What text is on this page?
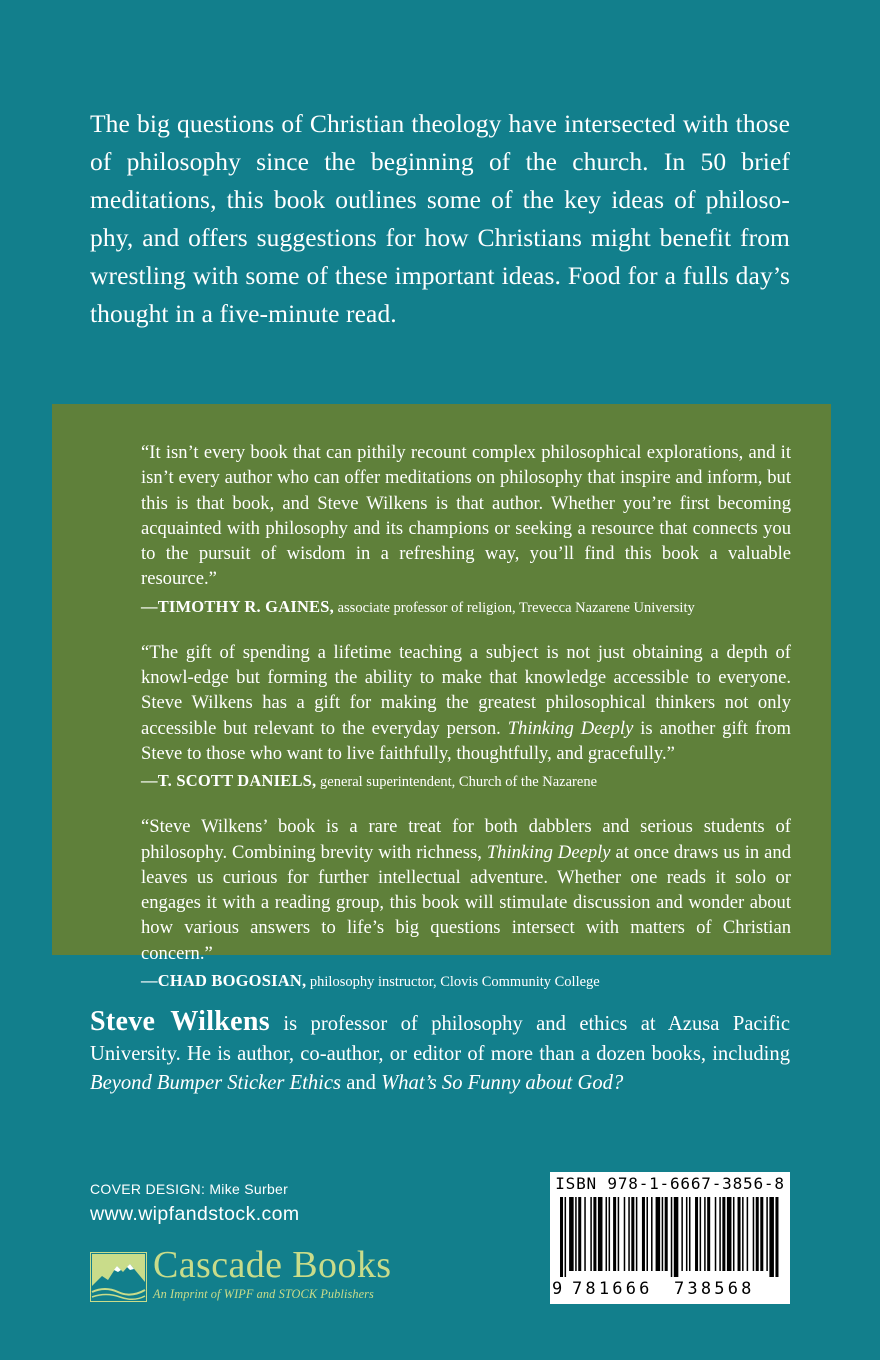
The big questions of Christian theology have intersected with those of philosophy since the beginning of the church. In 50 brief meditations, this book outlines some of the key ideas of philoso-phy, and offers suggestions for how Christians might benefit from wrestling with some of these important ideas. Food for a fulls day’s thought in a five-minute read.

“It isn’t every book that can pithily recount complex philosophical explorations, and it isn’t every author who can offer meditations on philosophy that inspire and inform, but this is that book, and Steve Wilkens is that author. Whether you’re first becoming acquainted with philosophy and its champions or seeking a resource that connects you to the pursuit of wisdom in a refreshing way, you’ll find this book a valuable resource.”
—TIMOTHY R. GAINES, associate professor of religion, Trevecca Nazarene University
“The gift of spending a lifetime teaching a subject is not just obtaining a depth of knowl-edge but forming the ability to make that knowledge accessible to everyone. Steve Wilkens has a gift for making the greatest philosophical thinkers not only accessible but relevant to the everyday person. Thinking Deeply is another gift from Steve to those who want to live faithfully, thoughtfully, and gracefully.”
—T. SCOTT DANIELS, general superintendent, Church of the Nazarene
“Steve Wilkens’ book is a rare treat for both dabblers and serious students of philosophy. Combining brevity with richness, Thinking Deeply at once draws us in and leaves us curious for further intellectual adventure. Whether one reads it solo or engages it with a reading group, this book will stimulate discussion and wonder about how various answers to life’s big questions intersect with matters of Christian concern.”
—CHAD BOGOSIAN, philosophy instructor, Clovis Community College
Steve Wilkens is professor of philosophy and ethics at Azusa Pacific University. He is author, co-author, or editor of more than a dozen books, including Beyond Bumper Sticker Ethics and What’s So Funny about God?

COVER DESIGN: Mike Surber

www.wipfandstock.com

Cascade Books
An Imprint of WIPF and STOCK Publishers
ISBN 978-1-6667-3856-8
9 781666 738568
